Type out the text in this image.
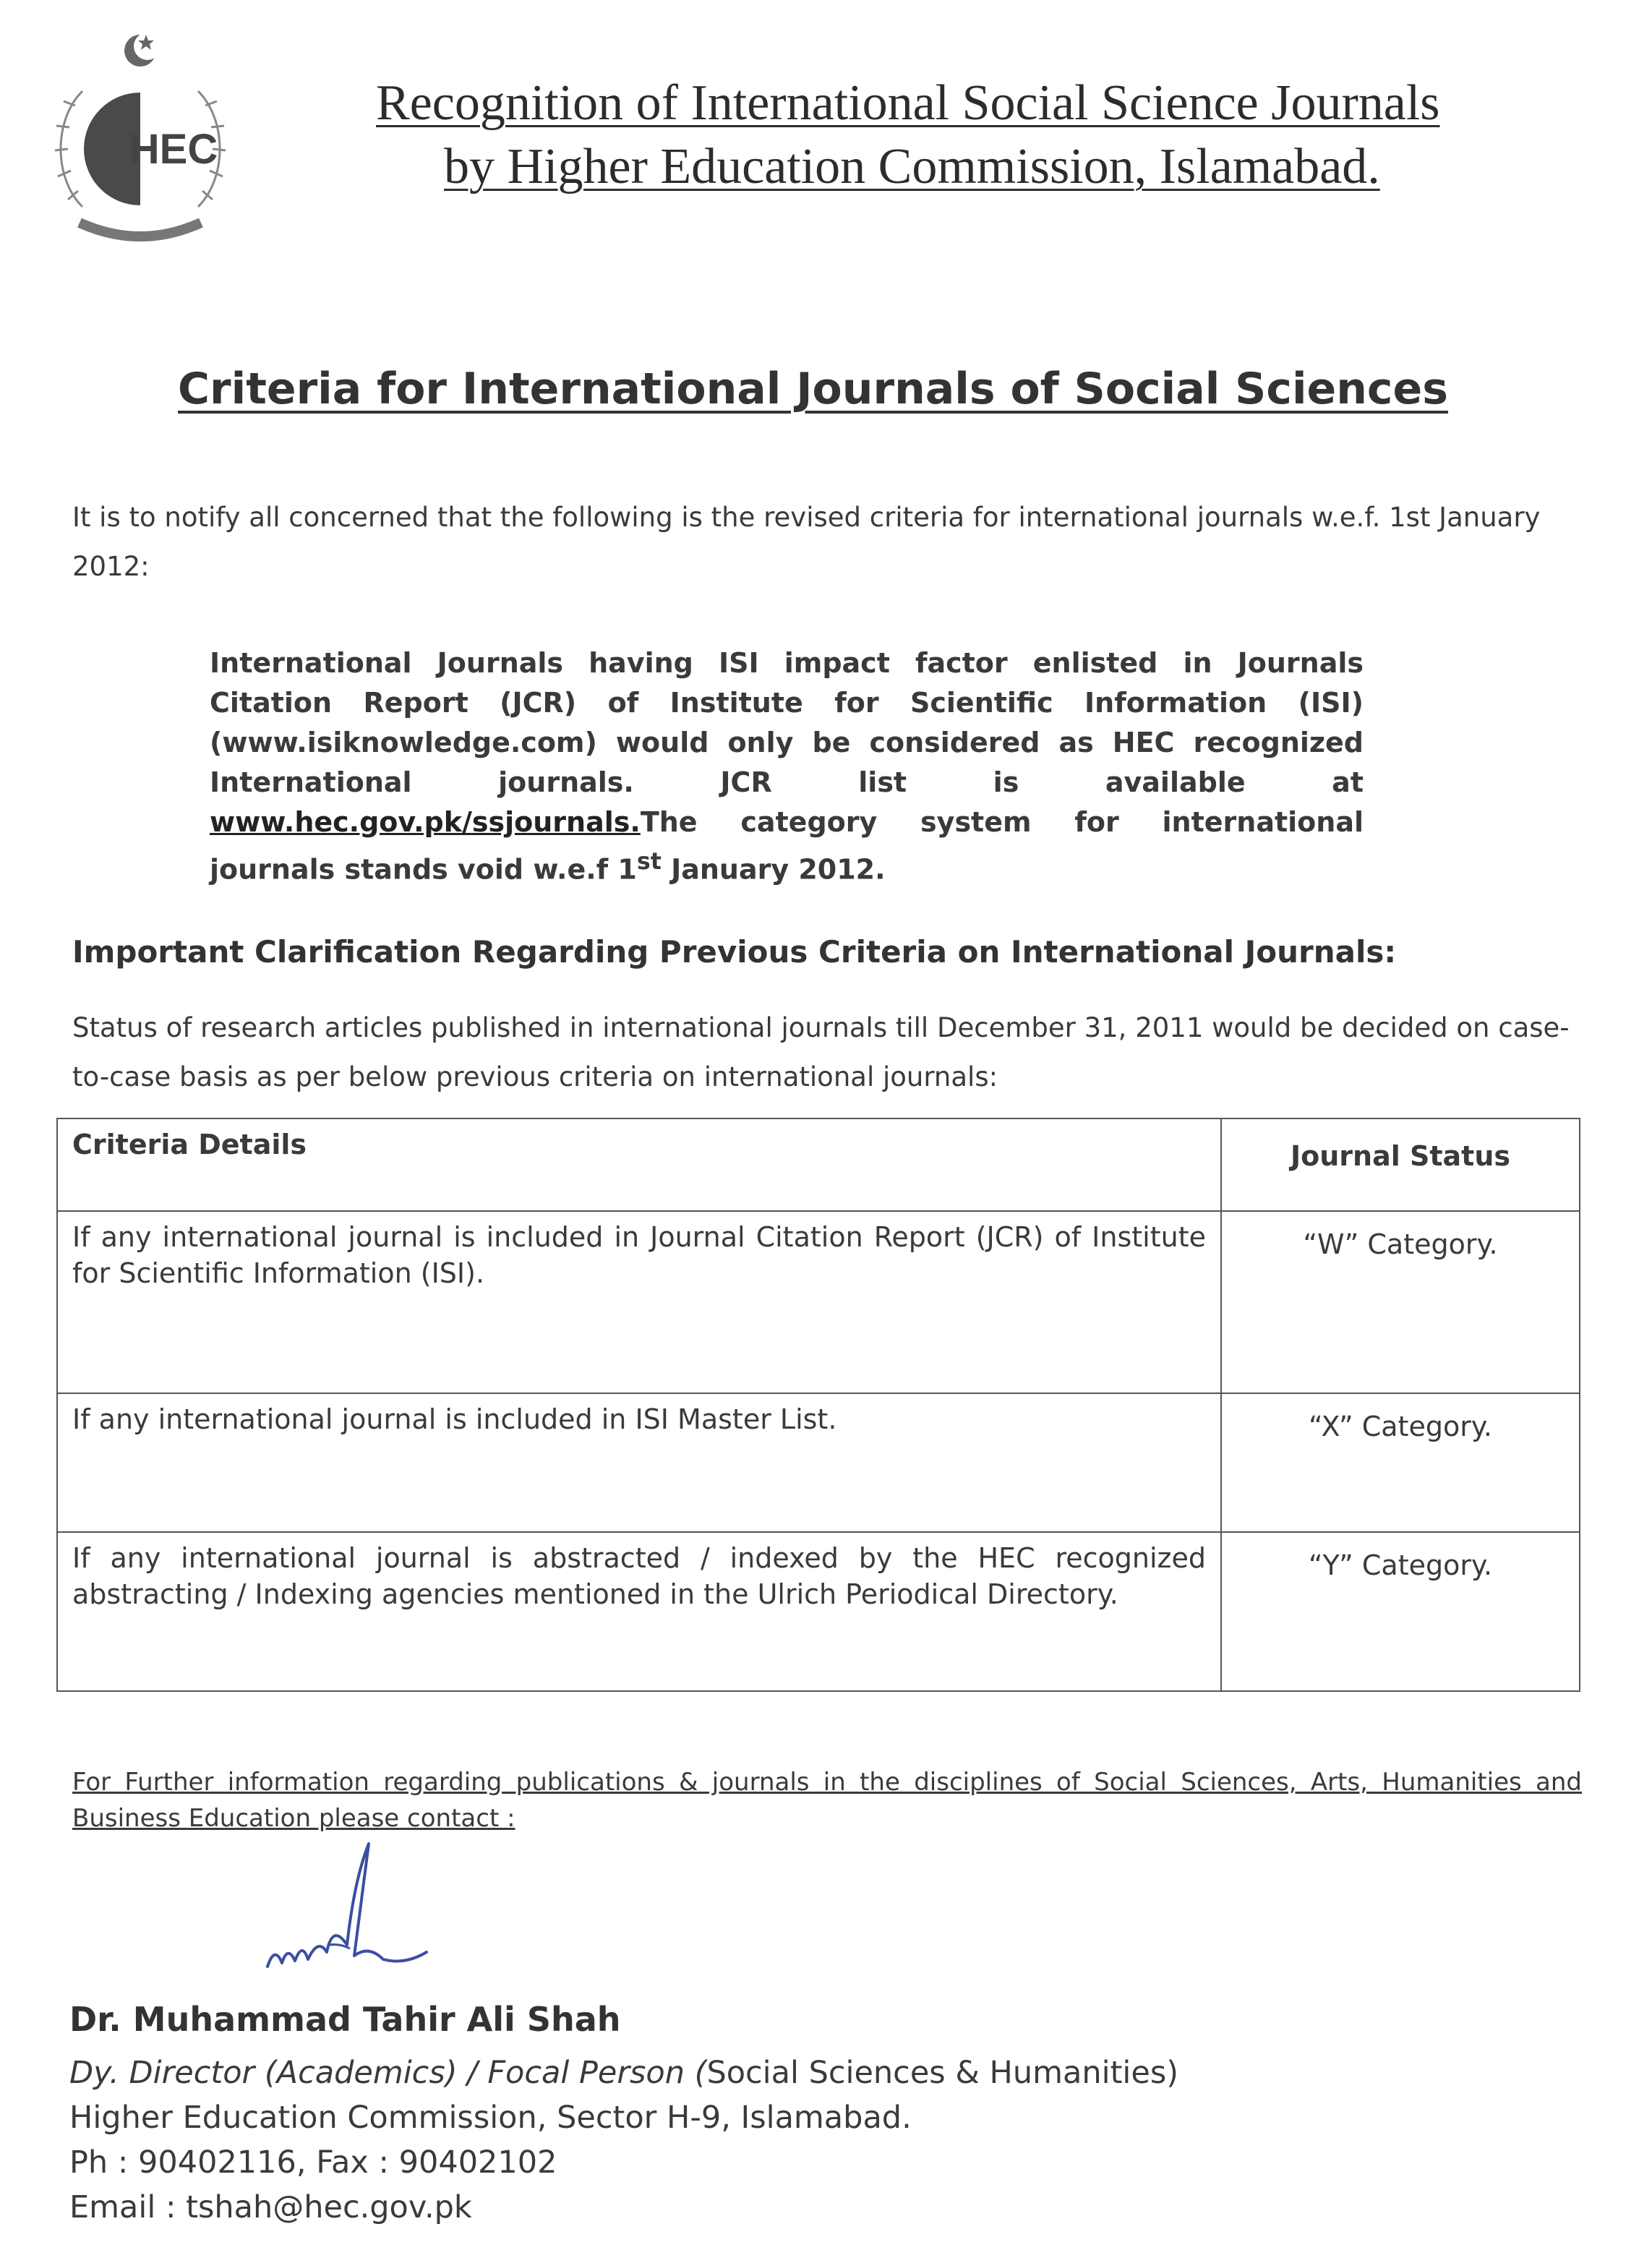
HEC
Recognition of International Social Science Journals
by Higher Education Commission, Islamabad.
Criteria for International Journals of Social Sciences
It is to notify all concerned that the following is the revised criteria for international journals w.e.f. 1st January 2012:
International Journals having ISI impact factor enlisted in Journals Citation Report (JCR) of Institute for Scientific Information (ISI) (www.isiknowledge.com) would only be considered as HEC recognized International journals. JCR list is available at www.hec.gov.pk/ssjournals.The category system for international journals stands void w.e.f 1st January 2012.
Important Clarification Regarding Previous Criteria on International Journals:
Status of research articles published in international journals till December 31, 2011 would be decided on case-to-case basis as per below previous criteria on international journals:
Criteria Details	Journal Status
If any international journal is included in Journal Citation Report (JCR) of Institute for Scientific Information (ISI).	“W” Category.
If any international journal is included in ISI Master List.	“X” Category.
If any international journal is abstracted / indexed by the HEC recognized abstracting / Indexing agencies mentioned in the Ulrich Periodical Directory.	“Y” Category.
For Further information regarding publications & journals in the disciplines of Social Sciences, Arts, Humanities and Business Education please contact :
Dr. Muhammad Tahir Ali Shah
Dy. Director (Academics) / Focal Person (Social Sciences & Humanities)
Higher Education Commission, Sector H-9, Islamabad.
Ph : 90402116, Fax : 90402102
Email : tshah@hec.gov.pk
